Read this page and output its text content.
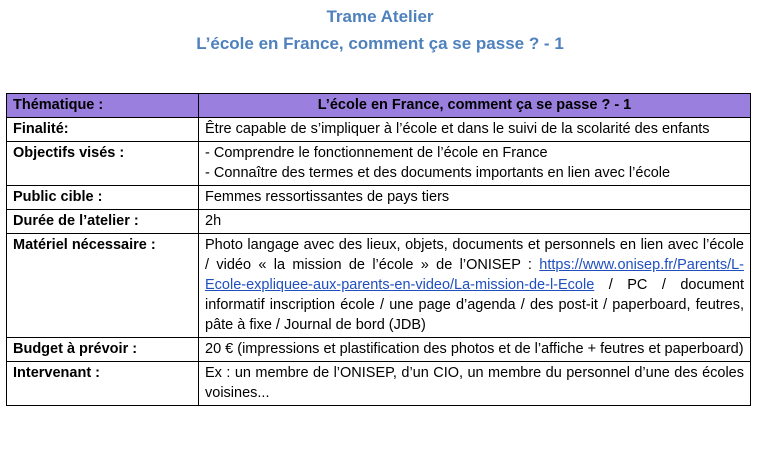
Trame Atelier
L’école en France, comment ça se passe ? - 1
Thématique :	L’école en France, comment ça se passe ? - 1
Finalité:	Être capable de s’impliquer à l’école et dans le suivi de la scolarité des enfants
Objectifs visés :	- Comprendre le fonctionnement de l’école en France
- Connaître des termes et des documents importants en lien avec l’école

Public cible :	Femmes ressortissantes de pays tiers
Durée de l’atelier :	2h
Matériel nécessaire :	Photo langage avec des lieux, objets, documents et personnels en lien avec l’école / vidéo « la mission de l’école » de l’ONISEP : https://www.onisep.fr/Parents/L-Ecole-expliquee-aux-parents-en-video/La-mission-de-l-Ecole / PC / document informatif inscription école / une page d’agenda / des post-it / paperboard, feutres, pâte à fixe / Journal de bord (JDB)
Budget à prévoir :	20 € (impressions et plastification des photos et de l’affiche + feutres et paperboard)
Intervenant :	Ex : un membre de l’ONISEP, d’un CIO, un membre du personnel d’une des écoles voisines...
